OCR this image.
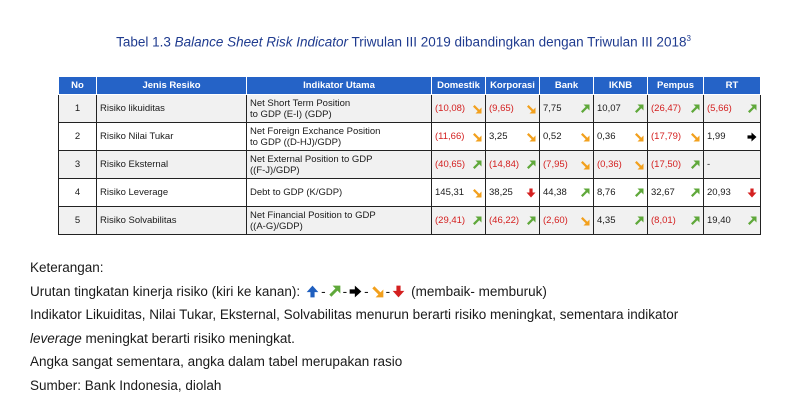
Tabel 1.3 Balance Sheet Risk Indicator Triwulan III 2019 dibandingkan dengan Triwulan III 2018$^3$
No	Jenis Resiko	Indikator Utama	Domestik	Korporasi	Bank	IKNB	Pempus	RT
1	Risiko likuiditas	Net Short Term Position
to GDP (E-I) (GDP)	(10,08)	(9,65)	7,75	10,07	(26,47)	(5,66)

2	Risiko Nilai Tukar	Net Foreign Exchance Position
to GDP ((D-HJ)/GDP)	(11,66)	3,25	0,52	0,36	(17,79)	1,99

3	Risiko Eksternal	Net External Position to GDP
((F-J)/GDP)	(40,65)	(14,84)	(7,95)	(0,36)	(17,50)	-

4	Risiko Leverage	Debt to GDP (K/GDP)	145,31	38,25	44,38	8,76	32,67	20,93

5	Risiko Solvabilitas	Net Financial Position to GDP
((A-G)/GDP)	(29,41)	(46,22)	(2,60)	4,35	(8,01)	19,40

Keterangan:

Urutan tingkatan kinerja risiko (kiri ke kanan): - - - - (membaik- memburuk)

Indikator Likuiditas, Nilai Tukar, Eksternal, Solvabilitas menurun berarti risiko meningkat, sementara indikator

leverage meningkat berarti risiko meningkat.

Angka sangat sementara, angka dalam tabel merupakan rasio

Sumber: Bank Indonesia, diolah
